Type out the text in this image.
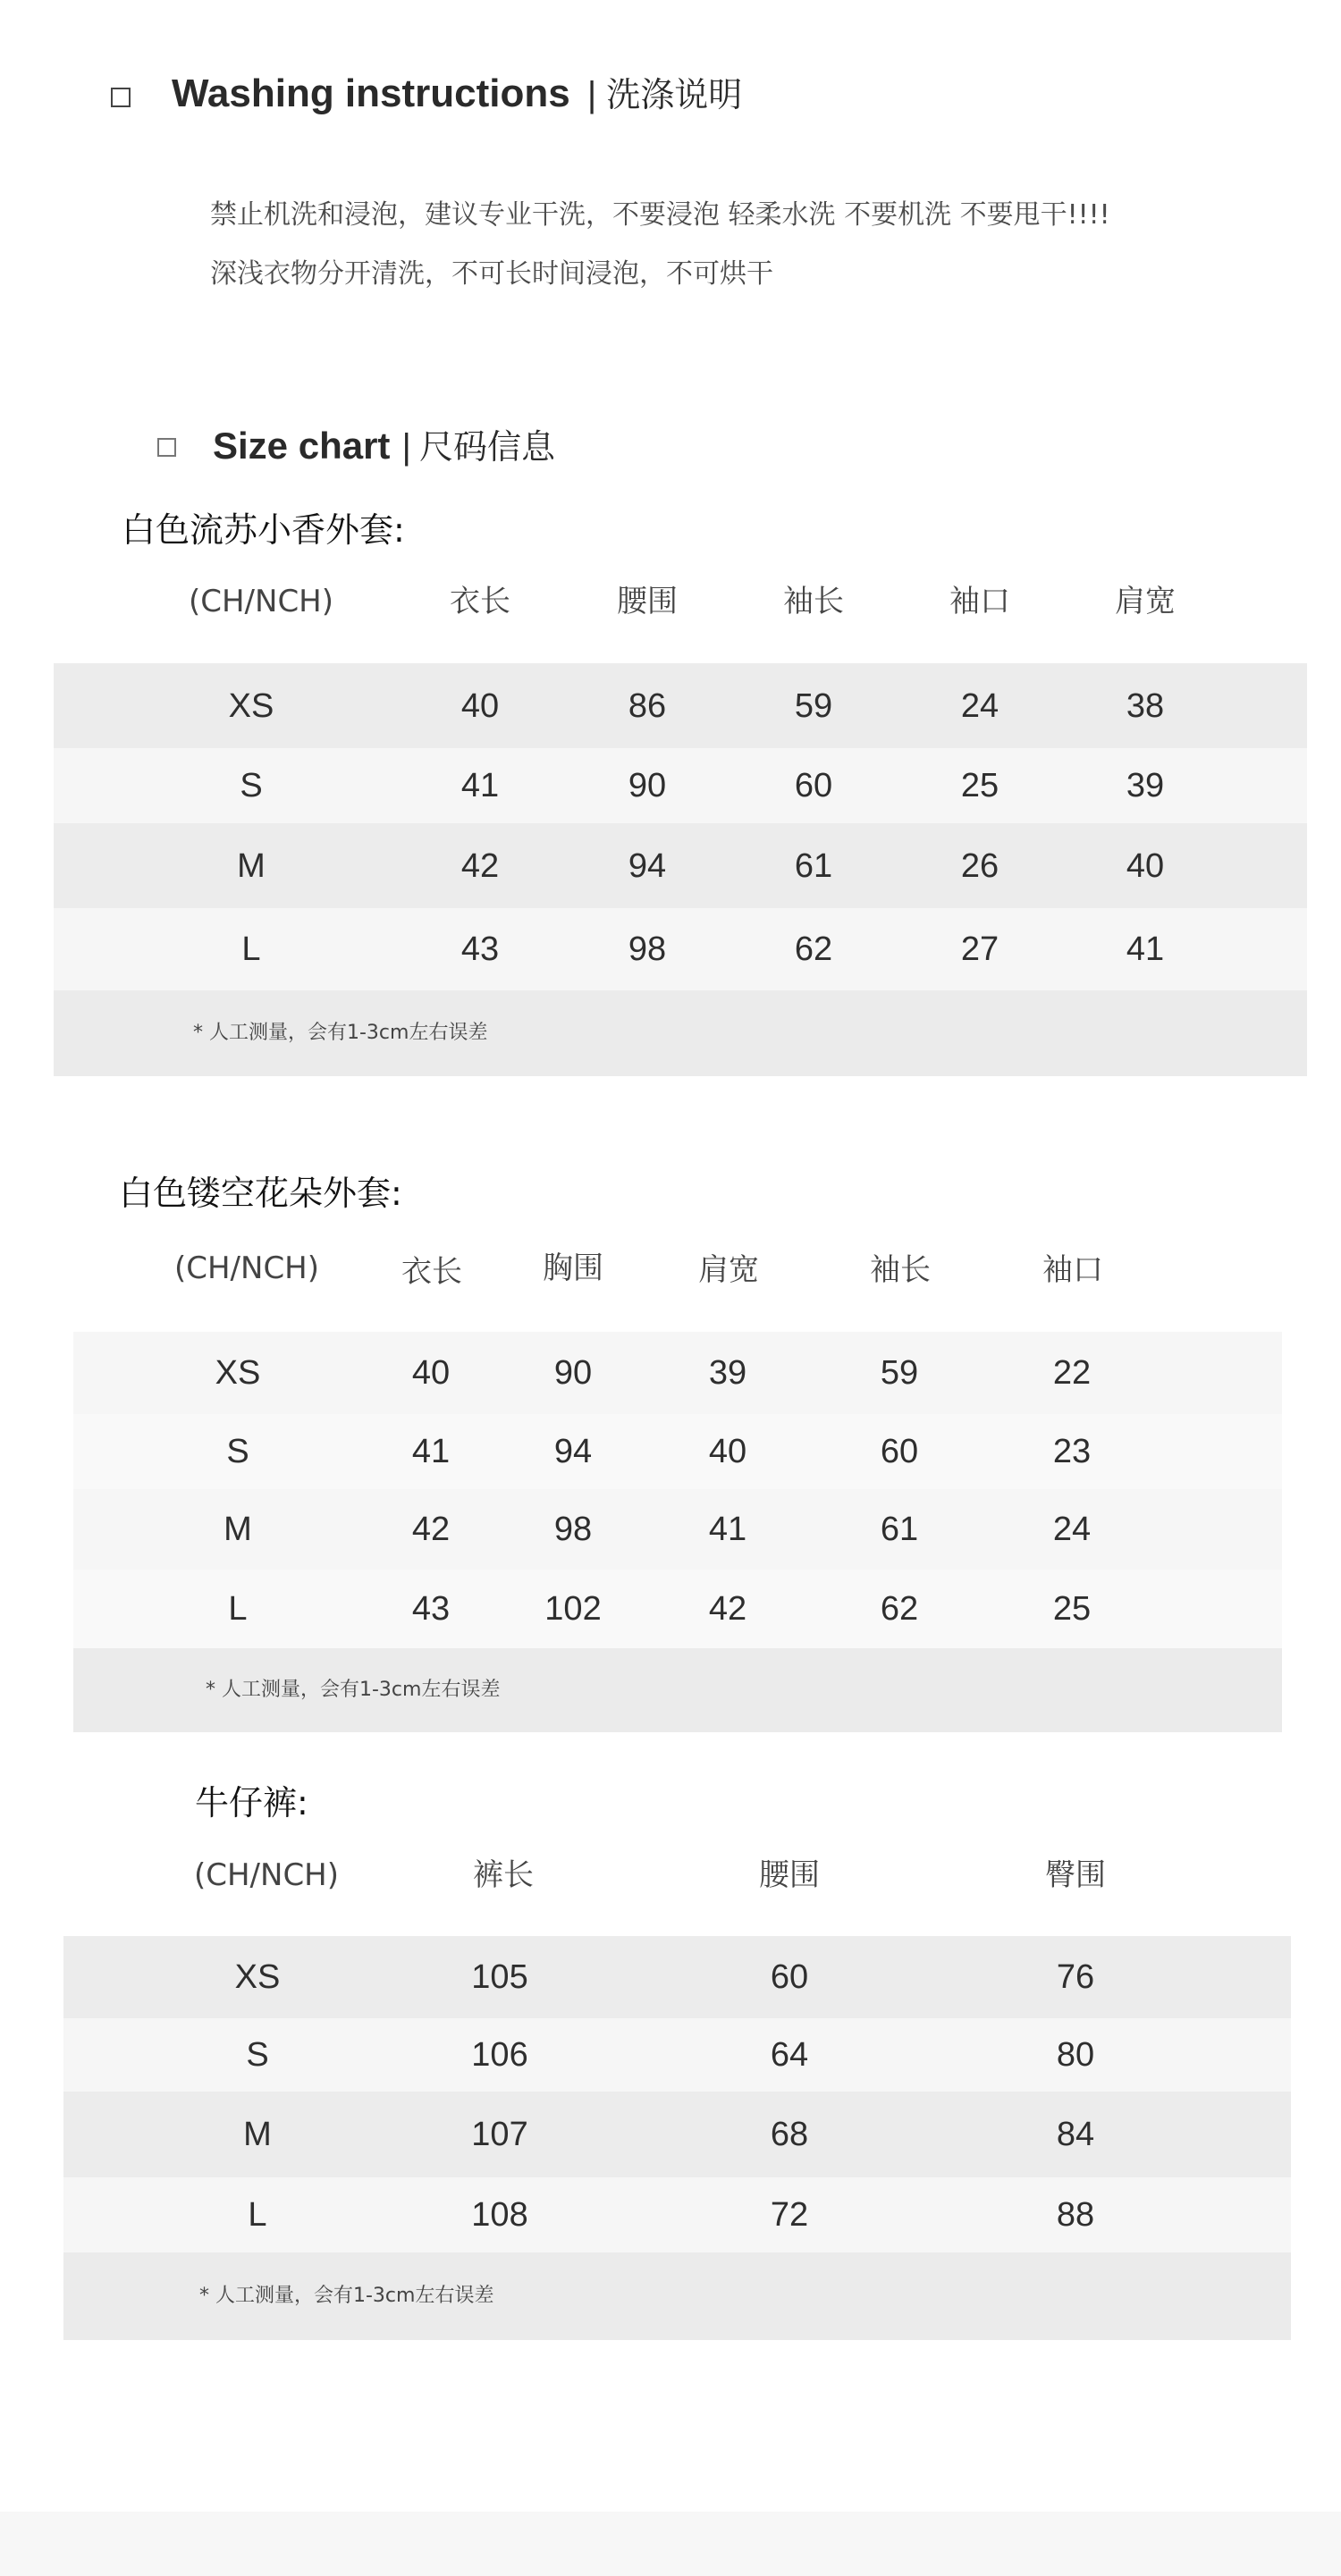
Washing instructions | 洗涤说明
禁止机洗和浸泡，建议专业干洗，不要浸泡 轻柔水洗 不要机洗 不要甩干!!!!
深浅衣物分开清洗，不可长时间浸泡，不可烘干
Size chart | 尺码信息
白色流苏小香外套:
(CH/NCH)	衣长	腰围	袖长	袖口	肩宽
XS	40	86	59	24	38
S	41	90	60	25	39
M	42	94	61	26	40
L	43	98	62	27	41
* 人工测量，会有1-3cm左右误差
白色镂空花朵外套:
(CH/NCH)	衣长	胸围	肩宽	袖长	袖口
XS	40	90	39	59	22
S	41	94	40	60	23
M	42	98	41	61	24
L	43	102	42	62	25
* 人工测量，会有1-3cm左右误差
牛仔裤:
(CH/NCH)	裤长	腰围	臀围
XS	105	60	76
S	106	64	80
M	107	68	84
L	108	72	88
* 人工测量，会有1-3cm左右误差
